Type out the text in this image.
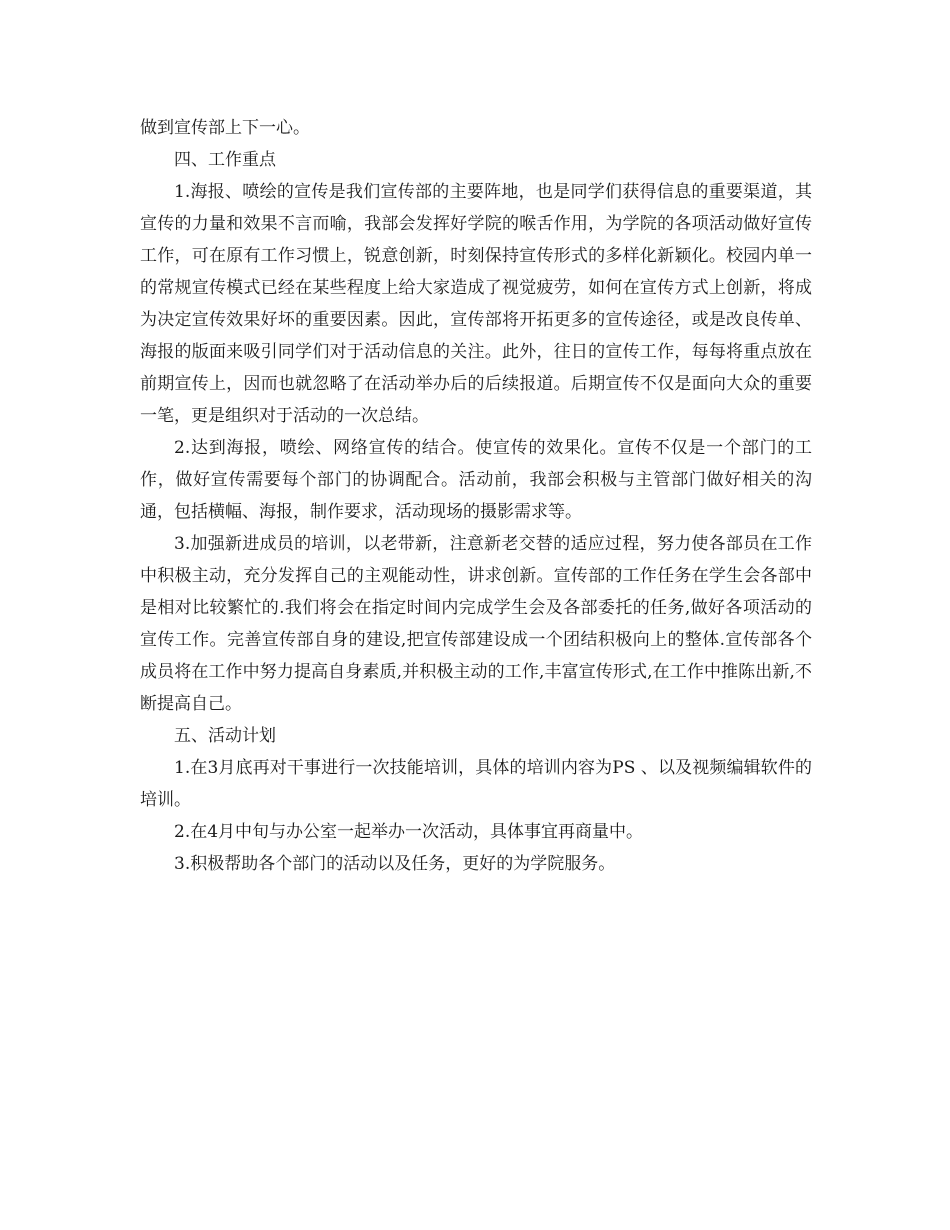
做到宣传部上下一心。

四、工作重点

1.海报、喷绘的宣传是我们宣传部的主要阵地，也是同学们获得信息的重要渠道，其宣传的力量和效果不言而喻，我部会发挥好学院的喉舌作用，为学院的各项活动做好宣传工作，可在原有工作习惯上，锐意创新，时刻保持宣传形式的多样化新颖化。校园内单一的常规宣传模式已经在某些程度上给大家造成了视觉疲劳，如何在宣传方式上创新，将成为决定宣传效果好坏的重要因素。因此，宣传部将开拓更多的宣传途径，或是改良传单、海报的版面来吸引同学们对于活动信息的关注。此外，往日的宣传工作，每每将重点放在前期宣传上，因而也就忽略了在活动举办后的后续报道。后期宣传不仅是面向大众的重要一笔，更是组织对于活动的一次总结。

2.达到海报，喷绘、网络宣传的结合。使宣传的效果化。宣传不仅是一个部门的工作，做好宣传需要每个部门的协调配合。活动前，我部会积极与主管部门做好相关的沟通，包括横幅、海报，制作要求，活动现场的摄影需求等。

3.加强新进成员的培训，以老带新，注意新老交替的适应过程，努力使各部员在工作中积极主动，充分发挥自己的主观能动性，讲求创新。宣传部的工作任务在学生会各部中是相对比较繁忙的.我们将会在指定时间内完成学生会及各部委托的任务,做好各项活动的宣传工作。完善宣传部自身的建设,把宣传部建设成一个团结积极向上的整体.宣传部各个成员将在工作中努力提高自身素质,并积极主动的工作,丰富宣传形式,在工作中推陈出新,不断提高自己。

五、活动计划

1.在3月底再对干事进行一次技能培训，具体的培训内容为PS 、以及视频编辑软件的培训。

2.在4月中旬与办公室一起举办一次活动，具体事宜再商量中。

3.积极帮助各个部门的活动以及任务，更好的为学院服务。
